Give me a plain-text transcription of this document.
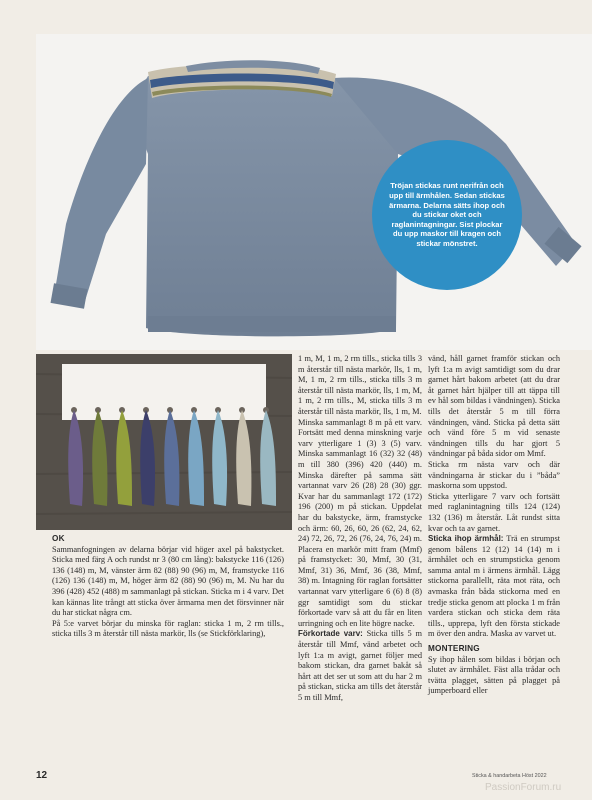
Tröjan stickas runt nerifrån och upp till ärmhålen. Sedan stickas ärmarna. Delarna sätts ihop och du stickar oket och raglanintagningar. Sist plockar du upp maskor till kragen och stickar mönstret.

OK

Sammanfogningen av delarna börjar vid höger axel på bakstycket. Sticka med färg A och rundst nr 3 (80 cm lång): bakstycke 116 (126) 136 (148) m, M, vänster ärm 82 (88) 90 (96) m, M, framstycke 116 (126) 136 (148) m, M, höger ärm 82 (88) 90 (96) m, M. Nu har du 396 (428) 452 (488) m sammanlagt på stickan. Sticka m i 4 varv. Det kan kännas lite trångt att sticka över ärmarna men det försvinner när du har stickat några cm.

På 5:e varvet börjar du minska för raglan: sticka 1 m, 2 rm tills., sticka tills 3 m återstår till nästa markör, lls (se Stickförklaring),

1 m, M, 1 m, 2 rm tills., sticka tills 3 m återstår till nästa markör, lls, 1 m, M, 1 m, 2 rm tills., sticka tills 3 m återstår till nästa markör, lls, 1 m, M, 1 m, 2 rm tills., M, sticka tills 3 m återstår till nästa markör, lls, 1 m, M.

Minska sammanlagt 8 m på ett varv. Fortsätt med denna minskning varje varv ytterligare 1 (3) 3 (5) varv. Minska sammanlagt 16 (32) 32 (48) m till 380 (396) 420 (440) m. Minska därefter på samma sätt vartannat varv 26 (28) 28 (30) ggr. Kvar har du sammanlagt 172 (172) 196 (200) m på stickan. Uppdelat har du bakstycke, ärm, framstycke och ärm: 60, 26, 60, 26 (62, 24, 62, 24) 72, 26, 72, 26 (76, 24, 76, 24) m. Placera en markör mitt fram (Mmf) på framstycket: 30, Mmf, 30 (31, Mmf, 31) 36, Mmf, 36 (38, Mmf, 38) m. Intagning för raglan fortsätter vartannat varv ytterligare 6 (6) 8 (8) ggr samtidigt som du stickar förkortade varv så att du får en liten urringning och en lite högre nacke.

Förkortade varv: Sticka tills 5 m återstår till Mmf, vänd arbetet och lyft 1:a m avigt, garnet följer med bakom stickan, dra garnet bakåt så hårt att det ser ut som att du har 2 m på stickan, sticka am tills det återstår 5 m till Mmf,

vänd, håll garnet framför stickan och lyft 1:a m avigt samtidigt som du drar garnet hårt bakom arbetet (att du drar åt garnet hårt hjälper till att täppa till ev hål som bildas i vändningen). Sticka tills det återstår 5 m till förra vändningen, vänd. Sticka på detta sätt och vänd före 5 m vid senaste vändningen tills du har gjort 5 vändningar på båda sidor om Mmf.

Sticka rm nästa varv och där vändningarna är stickar du i ”båda” maskorna som uppstod.

Sticka ytterligare 7 varv och fortsätt med raglanintagning tills 124 (124) 132 (136) m återstår. Låt rundst sitta kvar och ta av garnet.

Sticka ihop ärmhål: Trä en strumpst genom bålens 12 (12) 14 (14) m i ärmhålet och en strumpsticka genom samma antal m i ärmens ärmhål. Lägg stickorna parallellt, räta mot räta, och avmaska från båda stickorna med en tredje sticka genom att plocka 1 m från vardera stickan och sticka dem räta tills., upprepa, lyft den första stickade m över den andra. Maska av varvet ut.

MONTERING

Sy ihop hålen som bildas i början och slutet av ärmhålet. Fäst alla trådar och tvätta plagget, sätten på plagget på jumperboard eller

12	Sticka & handarbeta Höst 2022
PassionForum.ru
